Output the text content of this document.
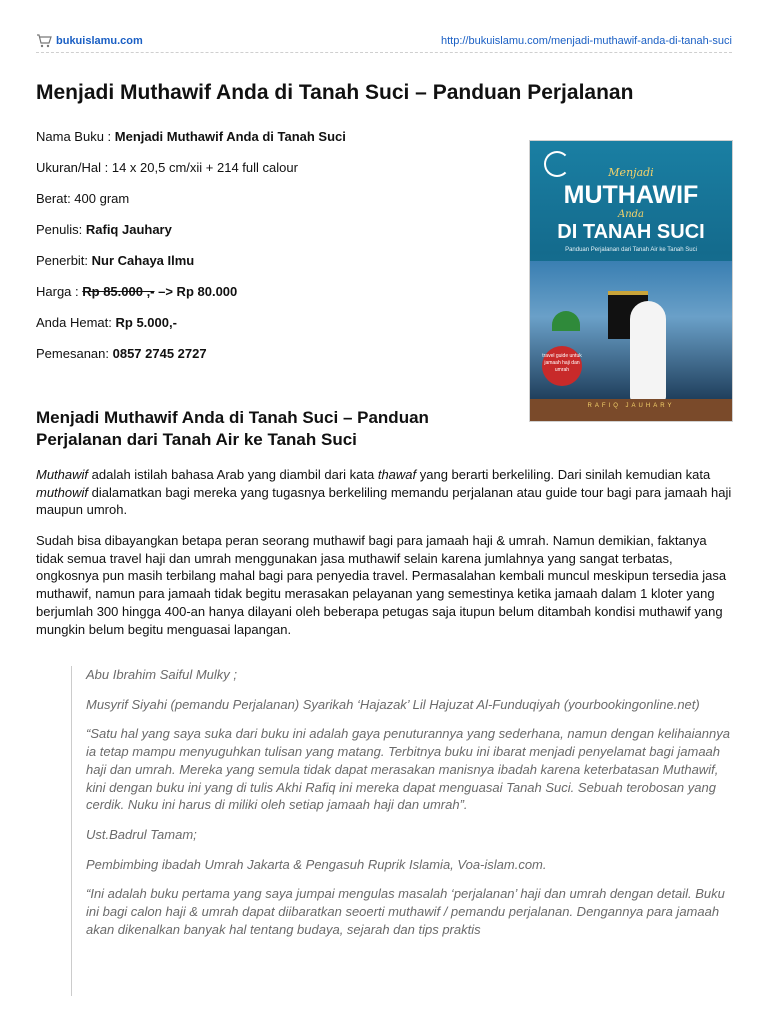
bukuislamu.com	http://bukuislamu.com/menjadi-muthawif-anda-di-tanah-suci
Menjadi Muthawif Anda di Tanah Suci – Panduan Perjalanan
Nama Buku : Menjadi Muthawif Anda di Tanah Suci
Ukuran/Hal : 14 x 20,5 cm/xii + 214 full calour
Berat: 400 gram
Penulis: Rafiq Jauhary
Penerbit: Nur Cahaya Ilmu
Harga : Rp 85.000 ,- –> Rp 80.000
Anda Hemat: Rp 5.000,-
Pemesanan: 0857 2745 2727
Menjadi
MUTHAWIF
Anda
DI TANAH SUCI
Panduan Perjalanan dari Tanah Air ke Tanah Suci
travel guide untuk jamaah haji dan umrah
RAFIQ JAUHARY
Menjadi Muthawif Anda di Tanah Suci – Panduan Perjalanan dari Tanah Air ke Tanah Suci

Muthawif adalah istilah bahasa Arab yang diambil dari kata thawaf yang berarti berkeliling. Dari sinilah kemudian kata muthowif dialamatkan bagi mereka yang tugasnya berkeliling memandu perjalanan atau guide tour bagi para jamaah haji maupun umroh.

Sudah bisa dibayangkan betapa peran seorang muthawif bagi para jamaah haji & umrah. Namun demikian, faktanya tidak semua travel haji dan umrah menggunakan jasa muthawif selain karena jumlahnya yang sangat terbatas, ongkosnya pun masih terbilang mahal bagi para penyedia travel. Permasalahan kembali muncul meskipun tersedia jasa muthawif, namun para jamaah tidak begitu merasakan pelayanan yang semestinya ketika jamaah dalam 1 kloter yang berjumlah 300 hingga 400-an hanya dilayani oleh beberapa petugas saja itupun belum ditambah kondisi muthawif yang mungkin belum begitu menguasai lapangan.

Abu Ibrahim Saiful Mulky ;

Musyrif Siyahi (pemandu Perjalanan) Syarikah ‘Hajazak’ Lil Hajuzat Al-Funduqiyah (yourbookingonline.net)

“Satu hal yang saya suka dari buku ini adalah gaya penuturannya yang sederhana, namun dengan kelihaiannya ia tetap mampu menyuguhkan tulisan yang matang. Terbitnya buku ini ibarat menjadi penyelamat bagi jamaah haji dan umrah. Mereka yang semula tidak dapat merasakan manisnya ibadah karena keterbatasan Muthawif, kini dengan buku ini yang di tulis Akhi Rafiq ini mereka dapat menguasai Tanah Suci. Sebuah terobosan yang cerdik. Nuku ini harus di miliki oleh setiap jamaah haji dan umrah”.

Ust.Badrul Tamam;

Pembimbing ibadah Umrah Jakarta & Pengasuh Ruprik Islamia, Voa-islam.com.

“Ini adalah buku pertama yang saya jumpai mengulas masalah ‘perjalanan’ haji dan umrah dengan detail. Buku ini bagi calon haji & umrah dapat diibaratkan seoerti muthawif / pemandu perjalanan. Dengannya para jamaah akan dikenalkan banyak hal tentang budaya, sejarah dan tips praktis
